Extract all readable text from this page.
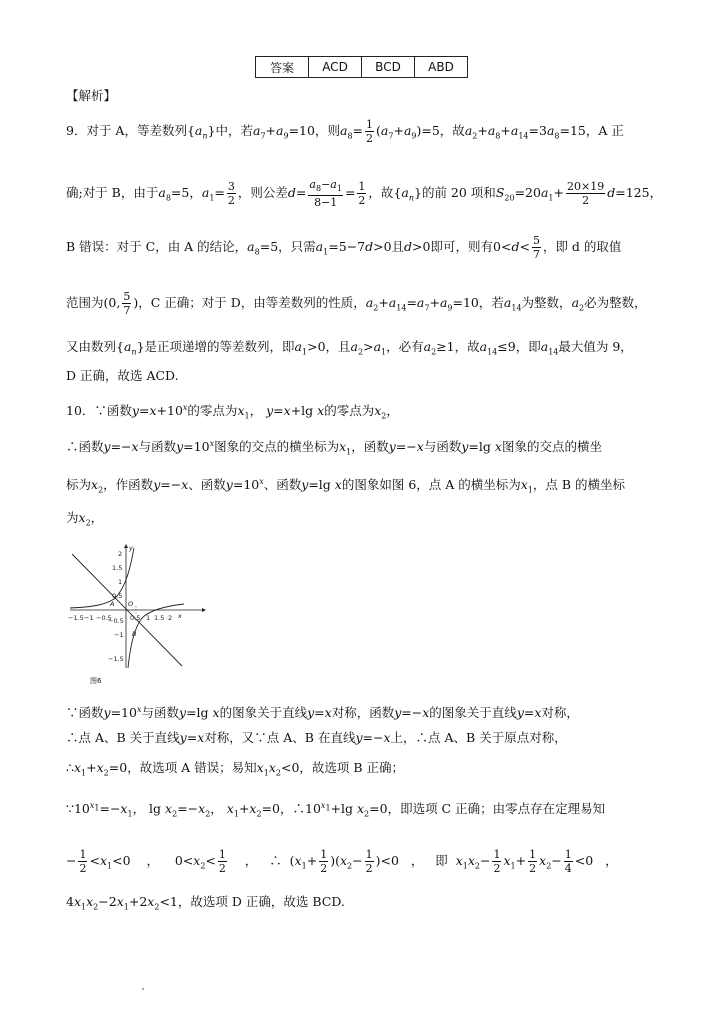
答案	ACD	BCD	ABD
【解析】
9．对于 A，等差数列$\{a_n\}$中，若$a_7+a_9=10$，则$a_8= \frac{1}{2} (a_7+a_9)=5$，故$a_2+a_8+a_{14}=3a_8=15$，A 正
确;对于 B，由于$a_8=5$，$a_1= \frac{3}{2}$ ，则公差$d= \frac{a_8-a_1}{8-1} = \frac{1}{2}$ ，故$\{a_n\}$的前 20 项和$S_{20}=20a_1+ \frac{20\times 19}{2} d=125$，
B 错误：对于 C，由 A 的结论，$a_8=5$，只需$a_1=5-7d>0$且d>0即可，则有$0<d< \frac{5}{7}$ ，即 d 的取值
范围为(0, $\frac{5}{7}$ )，C 正确；对于 D，由等差数列的性质，$a_2+a_{14}=a_7+a_9=10$，若$a_{14}$为整数，$a_2$必为整数，
又由数列$\{a_n\}$是正项递增的等差数列，即$a_1>0$，且$a_2>a_1$，必有$a_2\ge 1$，故$a_{14}\le 9$，即$a_{14}$最大值为 9，
D 正确，故选 ACD.
10．∵函数$y=x+10^x$的零点为$x_1$， y=x+lg x的零点为$x_2$，
∴函数y=−x与函数$y=10^x$图象的交点的横坐标为$x_1$，函数y=−x与函数y=lg x图象的交点的横坐
标为$x_2$，作函数y=−x、函数$y=10^x$、函数y=lg x的图象如图 6，点 A 的横坐标为$x_1$，点 B 的横坐标
为$x_2$，
2
1.5
1
0.5
−0.5
−1
−1.5
−1.5 −1 −0.5	0.5 1 1.5 2 x
y
O
A
B
图6
∵函数$y=10^x$与函数y=lg x的图象关于直线y=x对称，函数y=−x的图象关于直线y=x对称，
∴点 A、B 关于直线y=x对称，又∵点 A、B 在直线y=−x上，∴点 A、B 关于原点对称，
$\therefore x_1+x_2=0$，故选项 A 错误；易知$x_1x_2<0$，故选项 B 正确；
$\because 10^{x_1}=-x_1$， $\lg x_2=-x_2$， $x_1+x_2=0$，$\therefore 10^{x_1}+\lg$ $x_2=0$，即选项 C 正确；由零点存在定理易知
− $\frac{1}{2} <x_1<0$    ，    $0<x_2< \frac{1}{2}$ ，   ∴  $(x_1+ \frac{1}{2} )(x_2- \frac{1}{2} )<0$   ，   即  $x_1x_2- \frac{1}{2} x_1+ \frac{1}{2} x_2- \frac{1}{4} <0$   ，
$4x_1x_2-2x_1+2x_2<1$，故选项 D 正确，故选 BCD.
